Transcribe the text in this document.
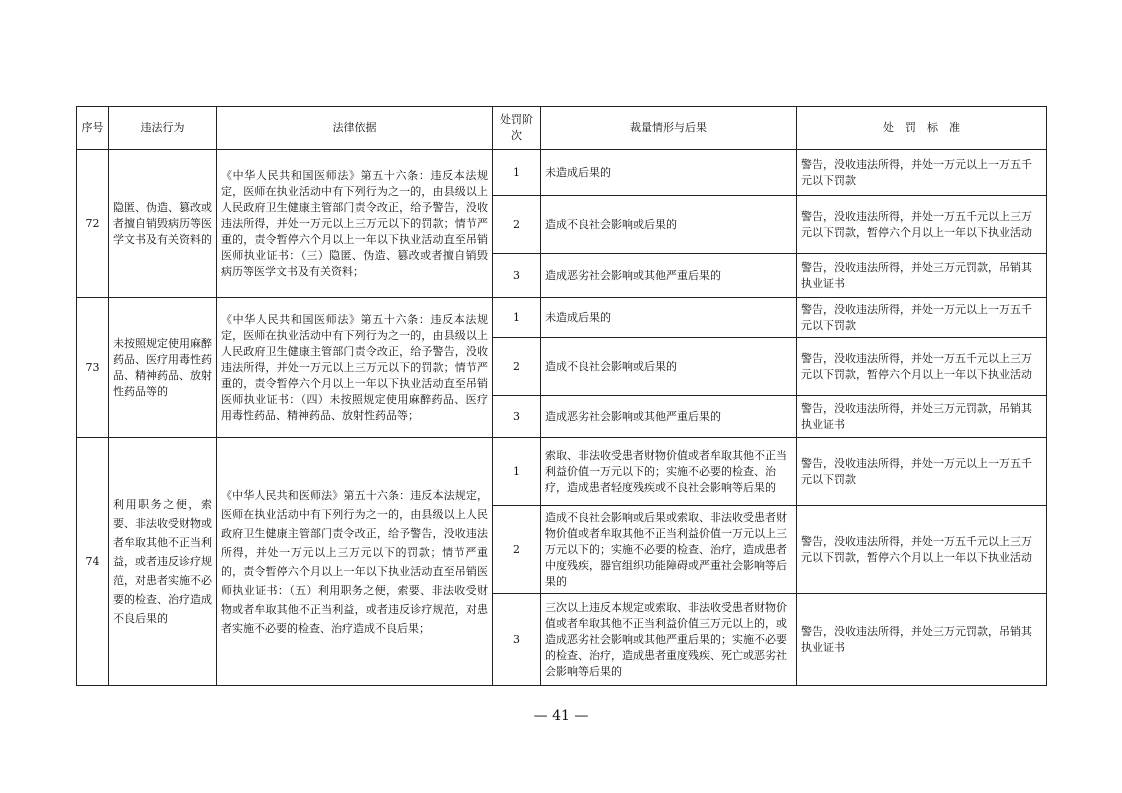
序号	违法行为	法律依据	处罚阶次	裁量情形与后果	处　罚　标　准
72	隐匿、伪造、篡改或者擅自销毁病历等医学文书及有关资料的	《中华人民共和国医师法》第五十六条：违反本法规定，医师在执业活动中有下列行为之一的，由县级以上人民政府卫生健康主管部门责令改正，给予警告，没收违法所得，并处一万元以上三万元以下的罚款；情节严重的，责令暂停六个月以上一年以下执业活动直至吊销医师执业证书：（三）隐匿、伪造、篡改或者擅自销毁病历等医学文书及有关资料；	1	未造成后果的	警告，没收违法所得，并处一万元以上一万五千元以下罚款
			2	造成不良社会影响或后果的	警告，没收违法所得，并处一万五千元以上三万元以下罚款，暂停六个月以上一年以下执业活动
			3	造成恶劣社会影响或其他严重后果的	警告，没收违法所得，并处三万元罚款，吊销其执业证书
73	未按照规定使用麻醉药品、医疗用毒性药品、精神药品、放射性药品等的	《中华人民共和国医师法》第五十六条：违反本法规定，医师在执业活动中有下列行为之一的，由县级以上人民政府卫生健康主管部门责令改正，给予警告，没收违法所得，并处一万元以上三万元以下的罚款；情节严重的，责令暂停六个月以上一年以下执业活动直至吊销医师执业证书：（四）未按照规定使用麻醉药品、医疗用毒性药品、精神药品、放射性药品等；	1	未造成后果的	警告，没收违法所得，并处一万元以上一万五千元以下罚款
			2	造成不良社会影响或后果的	警告，没收违法所得，并处一万五千元以上三万元以下罚款，暂停六个月以上一年以下执业活动
			3	造成恶劣社会影响或其他严重后果的	警告，没收违法所得，并处三万元罚款，吊销其执业证书
74	利用职务之便，索要、非法收受财物或者牟取其他不正当利益，或者违反诊疗规范，对患者实施不必要的检查、治疗造成不良后果的	《中华人民共和医师法》第五十六条：违反本法规定，医师在执业活动中有下列行为之一的，由县级以上人民政府卫生健康主管部门责令改正，给予警告，没收违法所得，并处一万元以上三万元以下的罚款；情节严重的，责令暂停六个月以上一年以下执业活动直至吊销医师执业证书：（五）利用职务之便，索要、非法收受财物或者牟取其他不正当利益，或者违反诊疗规范，对患者实施不必要的检查、治疗造成不良后果；	1	索取、非法收受患者财物价值或者牟取其他不正当利益价值一万元以下的；实施不必要的检查、治疗，造成患者轻度残疾或不良社会影响等后果的	警告，没收违法所得，并处一万元以上一万五千元以下罚款
			2	造成不良社会影响或后果或索取、非法收受患者财物价值或者牟取其他不正当利益价值一万元以上三万元以下的；实施不必要的检查、治疗，造成患者中度残疾，器官组织功能障碍或严重社会影响等后果的	警告，没收违法所得，并处一万五千元以上三万元以下罚款，暂停六个月以上一年以下执业活动
			3	三次以上违反本规定或索取、非法收受患者财物价值或者牟取其他不正当利益价值三万元以上的，或造成恶劣社会影响或其他严重后果的；实施不必要的检查、治疗，造成患者重度残疾、死亡或恶劣社会影响等后果的	警告，没收违法所得，并处三万元罚款，吊销其执业证书
— 41 —
